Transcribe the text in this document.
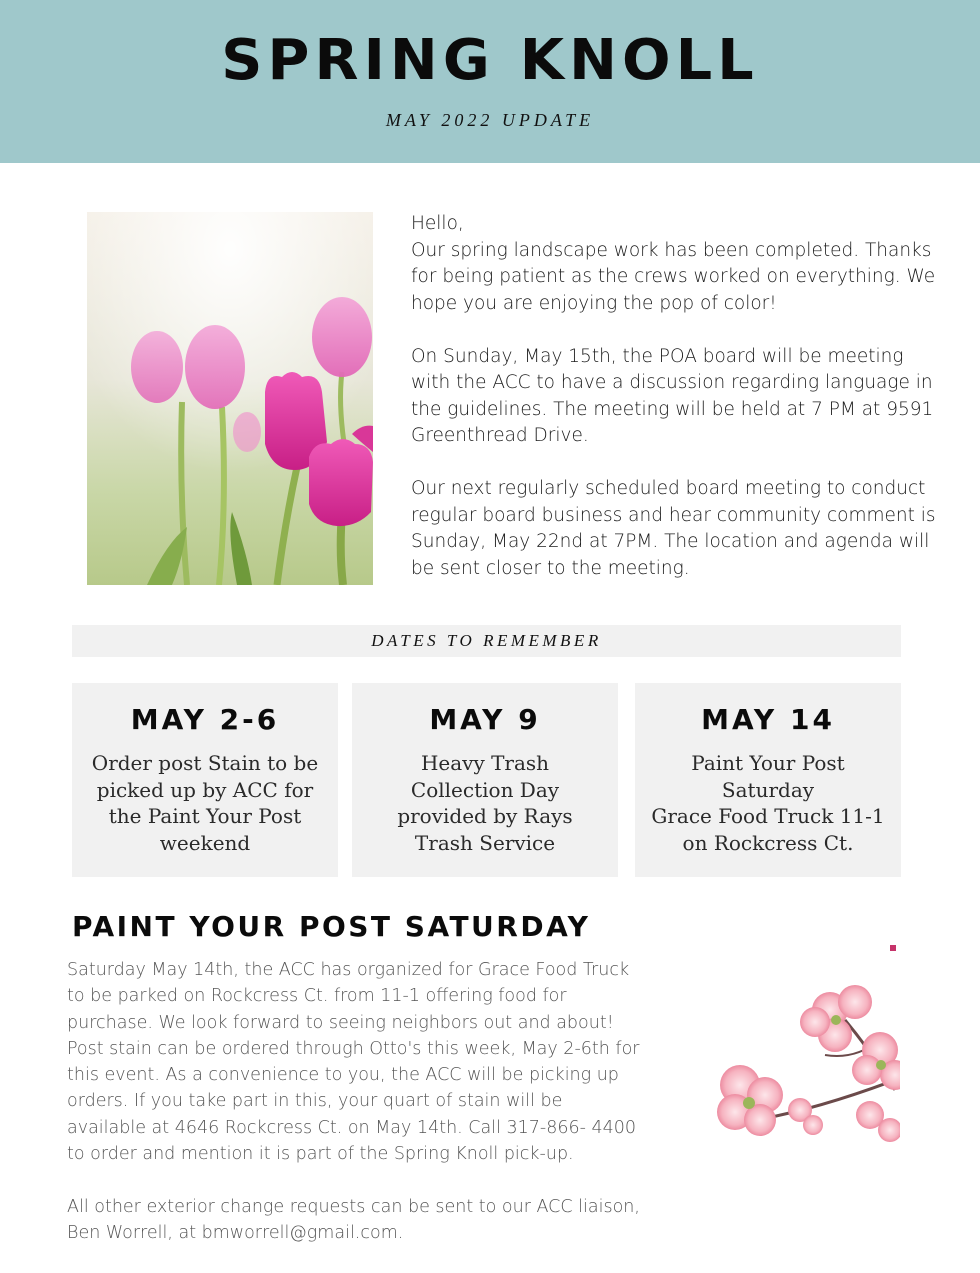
SPRING KNOLL
MAY 2022 UPDATE

Hello,
Our spring landscape work has been completed. Thanks for being patient as the crews worked on everything. We hope you are enjoying the pop of color!

On Sunday, May 15th, the POA board will be meeting with the ACC to have a discussion regarding language in the guidelines. The meeting will be held at 7 PM at 9591 Greenthread Drive.

Our next regularly scheduled board meeting to conduct regular board business and hear community comment is Sunday, May 22nd at 7PM. The location and agenda will be sent closer to the meeting.

DATES TO REMEMBER
MAY 2-6
Order post Stain to be
picked up by ACC for
the Paint Your Post
weekend
MAY 9
Heavy Trash
Collection Day
provided by Rays
Trash Service
MAY 14
Paint Your Post
Saturday
Grace Food Truck 11-1
on Rockcress Ct.
PAINT YOUR POST SATURDAY

Saturday May 14th, the ACC has organized for Grace Food Truck to be parked on Rockcress Ct. from 11-1 offering food for purchase. We look forward to seeing neighbors out and about! Post stain can be ordered through Otto's this week, May 2-6th for this event. As a convenience to you, the ACC will be picking up orders. If you take part in this, your quart of stain will be available at 4646 Rockcress Ct. on May 14th. Call 317-866- 4400 to order and mention it is part of the Spring Knoll pick-up.

All other exterior change requests can be sent to our ACC liaison, Ben Worrell, at bmworrell@gmail.com.
